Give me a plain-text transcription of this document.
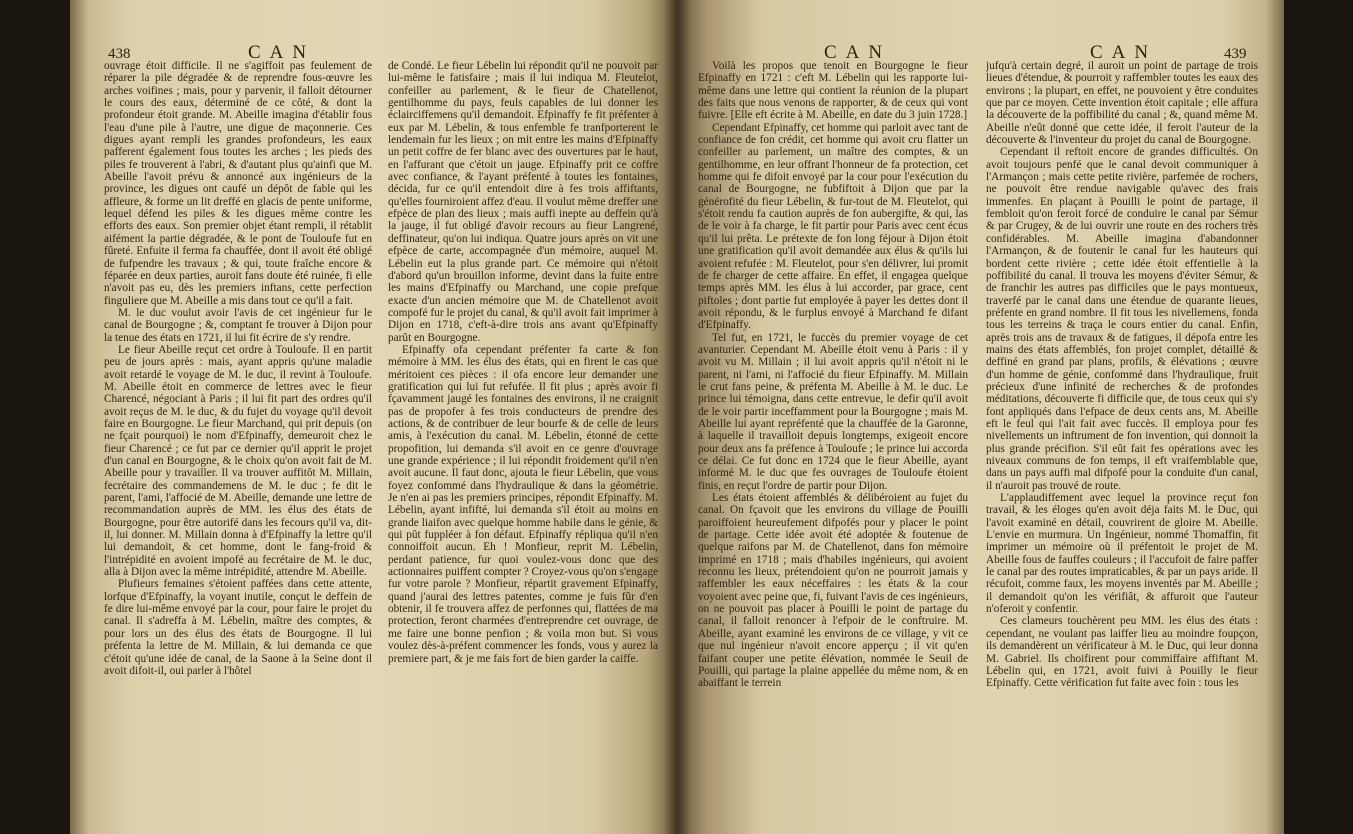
438	CAN

ouvrage étoit difficile. Il ne s'agiffoit pas feulement de réparer la pile dégradée & de reprendre fous-œuvre les arches voifines ; mais, pour y parvenir, il falloit détourner le cours des eaux, déterminé de ce côté, & dont la profondeur étoit grande. M. Abeille imagina d'établir fous l'eau d'une pile à l'autre, une digue de maçonnerie. Ces digues ayant rempli les grandes profondeurs, les eaux pafferent également fous toutes les arches ; les pieds des piles fe trouverent à l'abri, & d'autant plus qu'ainfi que M. Abeille l'avoit prévu & annoncé aux ingénieurs de la province, les digues ont caufé un dépôt de fable qui les affleure, & forme un lit dreffé en glacis de pente uniforme, lequel défend les piles & les digues même contre les efforts des eaux. Son premier objet étant rempli, il rétablit aifément la partie dégradée, & le pont de Touloufe fut en fûreté. Enfuite il ferma fa chauffée, dont il avoit été obligé de fufpendre les travaux ; & qui, toute fraîche encore & féparée en deux parties, auroit fans doute été ruinée, fi elle n'avoit pas eu, dès les premiers inftans, cette perfection finguliere que M. Abeille a mis dans tout ce qu'il a fait.

M. le duc voulut avoir l'avis de cet ingénieur fur le canal de Bourgogne ; &, comptant fe trouver à Dijon pour la tenue des états en 1721, il lui fit écrire de s'y rendre.

Le fieur Abeille reçut cet ordre à Touloufe. Il en partit peu de jours après : mais, ayant appris qu'une maladie avoit retardé le voyage de M. le duc, il revint à Touloufe. M. Abeille étoit en commerce de lettres avec le fieur Charencé, négociant à Paris ; il lui fit part des ordres qu'il avoit reçus de M. le duc, & du fujet du voyage qu'il devoit faire en Bourgogne. Le fieur Marchand, qui prit depuis (on ne fçait pourquoi) le nom d'Efpinaffy, demeuroit chez le fieur Charencé ; ce fut par ce dernier qu'il apprit le projet d'un canal en Bourgogne, & le choix qu'on avoit fait de M. Abeille pour y travailler. Il va trouver auffitôt M. Millain, fecrétaire des commandemens de M. le duc ; fe dit le parent, l'ami, l'affocié de M. Abeille, demande une lettre de recommandation auprès de MM. les élus des états de Bourgogne, pour être autorifé dans les fecours qu'il va, dit-il, lui donner. M. Millain donna à d'Efpinaffy la lettre qu'il lui demandoit, & cet homme, dont le fang-froid & l'intrépidité en avoient impofé au fecrétaire de M. le duc, alla à Dijon avec la même intrépidité, attendre M. Abeille.

Plufieurs femaines s'étoient paffées dans cette attente, lorfque d'Efpinaffy, la voyant inutile, conçut le deffein de fe dire lui-même envoyé par la cour, pour faire le projet du canal. Il s'adreffa à M. Lébelin, maître des comptes, & pour lors un des élus des états de Bourgogne. Il lui préfenta la lettre de M. Millain, & lui demanda ce que c'étoit qu'une idée de canal, de la Saone à la Seine dont il avoit difoit-il, oui parler à l'hôtel

de Condé. Le fieur Lébelin lui répondit qu'il ne pouvoit par lui-même le fatisfaire ; mais il lui indiqua M. Fleutelot, confeiller au parlement, & le fieur de Chatellenot, gentilhomme du pays, feuls capables de lui donner les éclairciffemens qu'il demandoit. Efpinaffy fe fit préfenter à eux par M. Lébelin, & tous enfemble fe tranfporterent le lendemain fur les lieux ; on mit entre les mains d'Efpinaffy un petit coffre de fer blanc avec des ouvertures par le haut, en l'affurant que c'étoit un jauge. Efpinaffy prit ce coffre avec confiance, & l'ayant préfenté à toutes les fontaines, décida, fur ce qu'il entendoit dire à fes trois affiftants, qu'elles fourniroient affez d'eau. Il voulut même dreffer une efpèce de plan des lieux ; mais auffi inepte au deffein qu'à la jauge, il fut obligé d'avoir recours au fieur Langrené, deffinateur, qu'on lui indiqua. Quatre jours après on vit une efpèce de carte, accompagnée d'un mémoire, auquel M. Lébelin eut la plus grande part. Ce mémoire qui n'étoit d'abord qu'un brouillon informe, devint dans la fuite entre les mains d'Efpinaffy ou Marchand, une copie prefque exacte d'un ancien mémoire que M. de Chatellenot avoit compofé fur le projet du canal, & qu'il avoit fait imprimer à Dijon en 1718, c'eft-à-dire trois ans avant qu'Efpinaffy parût en Bourgogne.

Efpinaffy ofa cependant préfenter fa carte & fon mémoire à MM. les élus des états, qui en firent le cas que méritoient ces pièces : il ofa encore leur demander une gratification qui lui fut refufée. Il fit plus ; après avoir fi fçavamment jaugé les fontaines des environs, il ne craignit pas de propofer à fes trois conducteurs de prendre des actions, & de contribuer de leur bourfe & de celle de leurs amis, à l'exécution du canal. M. Lébelin, étonné de cette propofition, lui demanda s'il avoit en ce genre d'ouvrage une grande expérience ; il lui répondit froidement qu'il n'en avoit aucune. Il faut donc, ajouta le fieur Lébelin, que vous foyez confommé dans l'hydraulique & dans la géométrie. Je n'en ai pas les premiers principes, répondit Efpinaffy. M. Lébelin, ayant infifté, lui demanda s'il étoit au moins en grande liaifon avec quelque homme habile dans le génie, & qui pût fuppléer à fon défaut. Efpinaffy répliqua qu'il n'en connoiffoit aucun. Eh ! Monfieur, reprit M. Lébelin, perdant patience, fur quoi voulez-vous donc que des actionnaires puiffent compter ? Croyez-vous qu'on s'engage fur votre parole ? Monfieur, répartit gravement Efpinaffy, quand j'aurai des lettres patentes, comme je fuis fûr d'en obtenir, il fe trouvera affez de perfonnes qui, flattées de ma protection, feront charmées d'entreprendre cet ouvrage, de me faire une bonne penfion ; & voila mon but. Si vous voulez dès-à-préfent commencer les fonds, vous y aurez la premiere part, & je me fais fort de bien garder la caiffe.

CAN	CAN	439

Voilà les propos que tenoit en Bourgogne le fieur Efpinaffy en 1721 : c'eft M. Lébelin qui les rapporte lui-même dans une lettre qui contient la réunion de la plupart des faits que nous venons de rapporter, & de ceux qui vont fuivre. [Elle eft écrite à M. Abeille, en date du 3 juin 1728.]

Cependant Efpinaffy, cet homme qui parloit avec tant de confiance de fon crédit, cet homme qui avoit cru flatter un confeiller au parlement, un maître des comptes, & un gentilhomme, en leur offrant l'honneur de fa protection, cet homme qui fe difoit envoyé par la cour pour l'exécution du canal de Bourgogne, ne fubfiftoit à Dijon que par la générofité du fieur Lébelin, & fur-tout de M. Fleutelot, qui s'étoit rendu fa caution auprès de fon aubergifte, & qui, las de le voir à fa charge, le fit partir pour Paris avec cent écus qu'il lui prêta. Le prétexte de fon long féjour à Dijon étoit une gratification qu'il avoit demandée aux élus & qu'ils lui avoient refufée : M. Fleutelot, pour s'en délivrer, lui promit de fe charger de cette affaire. En effet, il engagea quelque temps après MM. les élus à lui accorder, par grace, cent piftoles ; dont partie fut employée à payer les dettes dont il avoit répondu, & le furplus envoyé à Marchand fe difant d'Efpinaffy.

Tel fut, en 1721, le fuccès du premier voyage de cet avanturier. Cependant M. Abeille étoit venu à Paris : il y avoit vu M. Millain ; il lui avoit appris qu'il n'étoit ni le parent, ni l'ami, ni l'affocié du fieur Efpinaffy. M. Millain le crut fans peine, & préfenta M. Abeille à M. le duc. Le prince lui témoigna, dans cette entrevue, le defir qu'il avoit de le voir partir inceffamment pour la Bourgogne ; mais M. Abeille lui ayant repréfenté que la chauffée de la Garonne, à laquelle il travailloit depuis longtemps, exigeoit encore pour deux ans fa préfence à Touloufe ; le prince lui accorda ce délai. Ce fut donc en 1724 que le fieur Abeille, ayant informé M. le duc que fes ouvrages de Touloufe étoient finis, en reçut l'ordre de partir pour Dijon.

Les états étoient affemblés & délibéroient au fujet du canal. On fçavoit que les environs du village de Pouilli paroiffoient heureufement difpofés pour y placer le point de partage. Cette idée avoit été adoptée & foutenue de quelque raifons par M. de Chatellenot, dans fon mémoire imprimé en 1718 ; mais d'habiles ingénieurs, qui avoient reconnu les lieux, prétendoient qu'on ne pourroit jamais y raffembler les eaux néceffaires : les états & la cour voyoient avec peine que, fi, fuivant l'avis de ces ingénieurs, on ne pouvoit pas placer à Pouilli le point de partage du canal, il falloit renoncer à l'efpoir de le conftruire. M. Abeille, ayant examiné les environs de ce village, y vit ce que nul ingénieur n'avoit encore apperçu ; il vit qu'en faifant couper une petite élévation, nommée le Seuil de Pouilli, qui partage la plaine appellée du même nom, & en abaiffant le terrein

jufqu'à certain degré, il auroit un point de partage de trois lieues d'étendue, & pourroit y raffembler toutes les eaux des environs ; la plupart, en effet, ne pouvoient y être conduites que par ce moyen. Cette invention étoit capitale ; elle affura la découverte de la poffibilité du canal ; &, quand même M. Abeille n'eût donné que cette idée, il feroit l'auteur de la découverte & l'inventeur du projet du canal de Bourgogne.

Cependant il reftoit encore de grandes difficultés. On avoit toujours penfé que le canal devoit communiquer à l'Armançon ; mais cette petite rivière, parfemée de rochers, ne pouvoit être rendue navigable qu'avec des frais immenfes. En plaçant à Pouilli le point de partage, il fembloit qu'on feroit forcé de conduire le canal par Sémur & par Crugey, & de lui ouvrir une route en des rochers très confidérables. M. Abeille imagina d'abandonner l'Armançon, & de foutenir le canal fur les hauteurs qui bordent cette rivière ; cette idée étoit effentielle à la poffibilité du canal. Il trouva les moyens d'éviter Sémur, & de franchir les autres pas difficiles que le pays montueux, traverfé par le canal dans une étendue de quarante lieues, préfente en grand nombre. Il fit tous les nivellemens, fonda tous les terreins & traça le cours entier du canal. Enfin, après trois ans de travaux & de fatigues, il dépofa entre les mains des états affemblés, fon projet complet, détaillé & deffiné en grand par plans, profils, & élévations ; œuvre d'un homme de génie, confommé dans l'hydraulique, fruit précieux d'une infinité de recherches & de profondes méditations, découverte fi difficile que, de tous ceux qui s'y font appliqués dans l'efpace de deux cents ans, M. Abeille eft le feul qui l'ait fait avec fuccès. Il employa pour fes nivellements un inftrument de fon invention, qui donnoit la plus grande précifion. S'il eût fait fes opérations avec les niveaux communs de fon temps, il eft vraifemblable que, dans un pays auffi mal difpofé pour la conduite d'un canal, il n'auroit pas trouvé de route.

L'applaudiffement avec lequel la province reçut fon travail, & les éloges qu'en avoit déja faits M. le Duc, qui l'avoit examiné en détail, couvrirent de gloire M. Abeille. L'envie en murmura. Un Ingénieur, nommé Thomaffin, fit imprimer un mémoire où il préfentoit le projet de M. Abeille fous de fauffes couleurs ; il l'accufoit de faire paffer le canal par des routes impraticables, & par un pays aride. Il récufoit, comme faux, les moyens inventés par M. Abeille ; il demandoit qu'on les vérifiât, & affuroit que l'auteur n'oferoit y confentir.

Ces clameurs touchèrent peu MM. les élus des états : cependant, ne voulant pas laiffer lieu au moindre foupçon, ils demandèrent un vérificateur à M. le Duc, qui leur donna M. Gabriel. Ils choifirent pour commiffaire affiftant M. Lébelin qui, en 1721, avoit fuivi à Pouilly le fieur Efpinaffy. Cette vérification fut faite avec foin : tous les
